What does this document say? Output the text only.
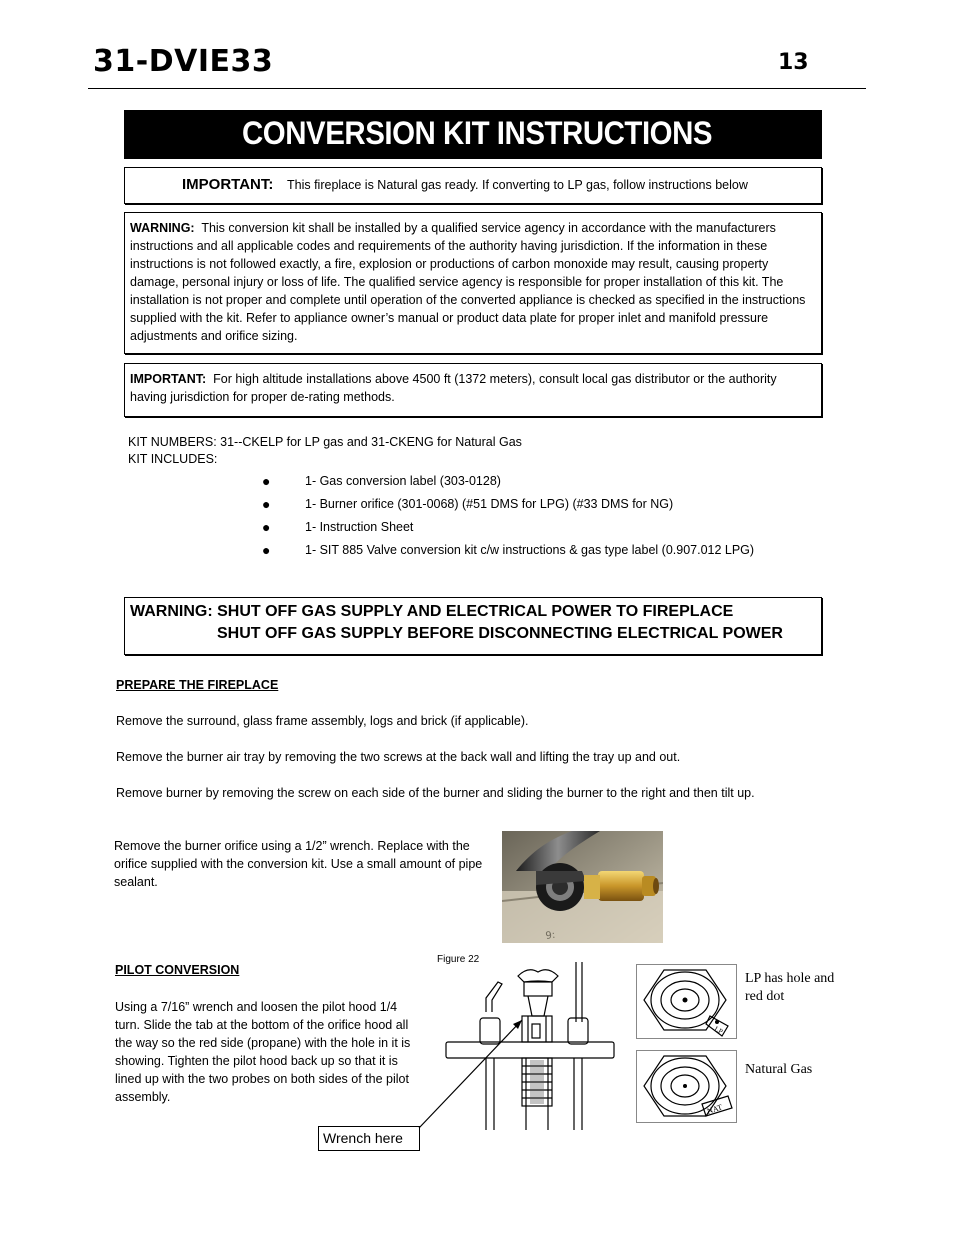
31-DVIE33	13
CONVERSION KIT INSTRUCTIONS
IMPORTANT: This fireplace is Natural gas ready. If converting to LP gas, follow instructions below

WARNING: This conversion kit shall be installed by a qualified service agency in accordance with the manufacturers instructions and all applicable codes and requirements of the authority having jurisdiction. If the information in these instructions is not followed exactly, a fire, explosion or productions of carbon monoxide may result, causing property damage, personal injury or loss of life. The qualified service agency is responsible for proper installation of this kit. The installation is not proper and complete until operation of the converted appliance is checked as specified in the instructions supplied with the kit. Refer to appliance owner’s manual or product data plate for proper inlet and manifold pressure adjustments and orifice sizing.

IMPORTANT: For high altitude installations above 4500 ft (1372 meters), consult local gas distributor or the authority having jurisdiction for proper de-rating methods.

KIT NUMBERS: 31--CKELP for LP gas and 31-CKENG for Natural Gas
KIT INCLUDES:
●	1- Gas conversion label (303-0128)
●	1- Burner orifice (301-0068) (#51 DMS for LPG) (#33 DMS for NG)
●	1- Instruction Sheet
●	1- SIT 885 Valve conversion kit c/w instructions & gas type label (0.907.012 LPG)
WARNING: SHUT OFF GAS SUPPLY AND ELECTRICAL POWER TO FIREPLACE
SHUT OFF GAS SUPPLY BEFORE DISCONNECTING ELECTRICAL POWER
PREPARE THE FIREPLACE
Remove the surround, glass frame assembly, logs and brick (if applicable).
Remove the burner air tray by removing the two screws at the back wall and lifting the tray up and out.
Remove burner by removing the screw on each side of the burner and sliding the burner to the right and then tilt up.
Remove the burner orifice using a 1/2” wrench. Replace with the orifice supplied with the conversion kit. Use a small amount of pipe sealant.
9:
PILOT CONVERSION
Using a 7/16” wrench and loosen the pilot hood 1/4 turn. Slide the tab at the bottom of the orifice hood all the way so the red side (propane) with the hole in it is showing. Tighten the pilot hood back up so that it is lined up with the two probes on both sides of the pilot assembly.
Figure 22
Wrench here
LP
NAT
LP has hole and red dot
Natural Gas
